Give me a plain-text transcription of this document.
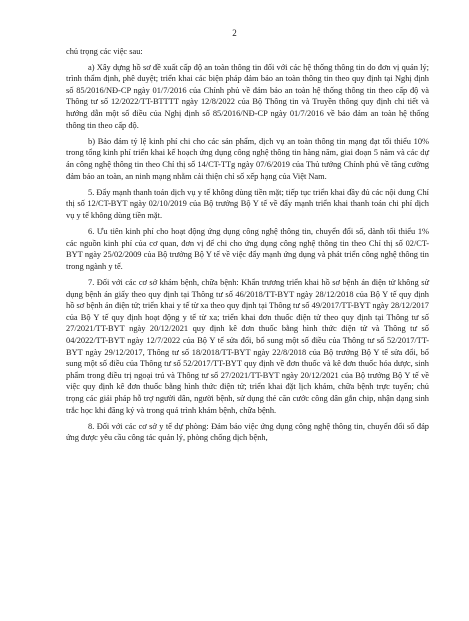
2

chủ trọng các việc sau:

a) Xây dựng hồ sơ đề xuất cấp độ an toàn thông tin đối với các hệ thống thông tin do đơn vị quản lý; trình thẩm định, phê duyệt; triển khai các biện pháp đảm bảo an toàn thông tin theo quy định tại Nghị định số 85/2016/NĐ-CP ngày 01/7/2016 của Chính phủ về đảm bảo an toàn hệ thống thông tin theo cấp độ và Thông tư số 12/2022/TT-BTTTT ngày 12/8/2022 của Bộ Thông tin và Truyền thông quy định chi tiết và hướng dẫn một số điều của Nghị định số 85/2016/NĐ-CP ngày 01/7/2016 về bảo đảm an toàn hệ thống thông tin theo cấp độ.

b) Bảo đảm tỷ lệ kinh phí chi cho các sản phẩm, dịch vụ an toàn thông tin mạng đạt tối thiểu 10% trong tổng kinh phí triển khai kế hoạch ứng dụng công nghệ thông tin hàng năm, giai đoạn 5 năm và các dự án công nghệ thông tin theo Chỉ thị số 14/CT-TTg ngày 07/6/2019 của Thủ tướng Chính phủ về tăng cường đảm bảo an toàn, an ninh mạng nhằm cải thiện chỉ số xếp hạng của Việt Nam.

5. Đẩy mạnh thanh toán dịch vụ y tế không dùng tiền mặt; tiếp tục triển khai đầy đủ các nội dung Chỉ thị số 12/CT-BYT ngày 02/10/2019 của Bộ trưởng Bộ Y tế về đẩy mạnh triển khai thanh toán chi phí dịch vụ y tế không dùng tiền mặt.

6. Ưu tiên kinh phí cho hoạt động ứng dụng công nghệ thông tin, chuyển đổi số, dành tối thiểu 1% các nguồn kinh phí của cơ quan, đơn vị để chi cho ứng dụng công nghệ thông tin theo Chỉ thị số 02/CT-BYT ngày 25/02/2009 của Bộ trưởng Bộ Y tế về việc đẩy mạnh ứng dụng và phát triển công nghệ thông tin trong ngành y tế.

7. Đối với các cơ sở khám bệnh, chữa bệnh: Khẩn trương triển khai hồ sơ bệnh án điện tử không sử dụng bệnh án giấy theo quy định tại Thông tư số 46/2018/TT-BYT ngày 28/12/2018 của Bộ Y tế quy định hồ sơ bệnh án điện tử; triển khai y tế từ xa theo quy định tại Thông tư số 49/2017/TT-BYT ngày 28/12/2017 của Bộ Y tế quy định hoạt động y tế từ xa; triển khai đơn thuốc điện tử theo quy định tại Thông tư số 27/2021/TT-BYT ngày 20/12/2021 quy định kê đơn thuốc bằng hình thức điện tử và Thông tư số 04/2022/TT-BYT ngày 12/7/2022 của Bộ Y tế sửa đổi, bổ sung một số điều của Thông tư số 52/2017/TT-BYT ngày 29/12/2017, Thông tư số 18/2018/TT-BYT ngày 22/8/2018 của Bộ trưởng Bộ Y tế sửa đổi, bổ sung một số điều của Thông tư số 52/2017/TT-BYT quy định về đơn thuốc và kê đơn thuốc hóa dược, sinh phẩm trong điều trị ngoại trú và Thông tư số 27/2021/TT-BYT ngày 20/12/2021 của Bộ trưởng Bộ Y tế về việc quy định kê đơn thuốc bằng hình thức điện tử; triển khai đặt lịch khám, chữa bệnh trực tuyến; chủ trọng các giải pháp hỗ trợ người dân, người bệnh, sử dụng thẻ căn cước công dân gắn chip, nhận dạng sinh trắc học khi đăng ký và trong quá trình khám bệnh, chữa bệnh.

8. Đối với các cơ sở y tế dự phòng: Đảm bảo việc ứng dụng công nghệ thông tin, chuyển đổi số đáp ứng được yêu cầu công tác quản lý, phòng chống dịch bệnh,
